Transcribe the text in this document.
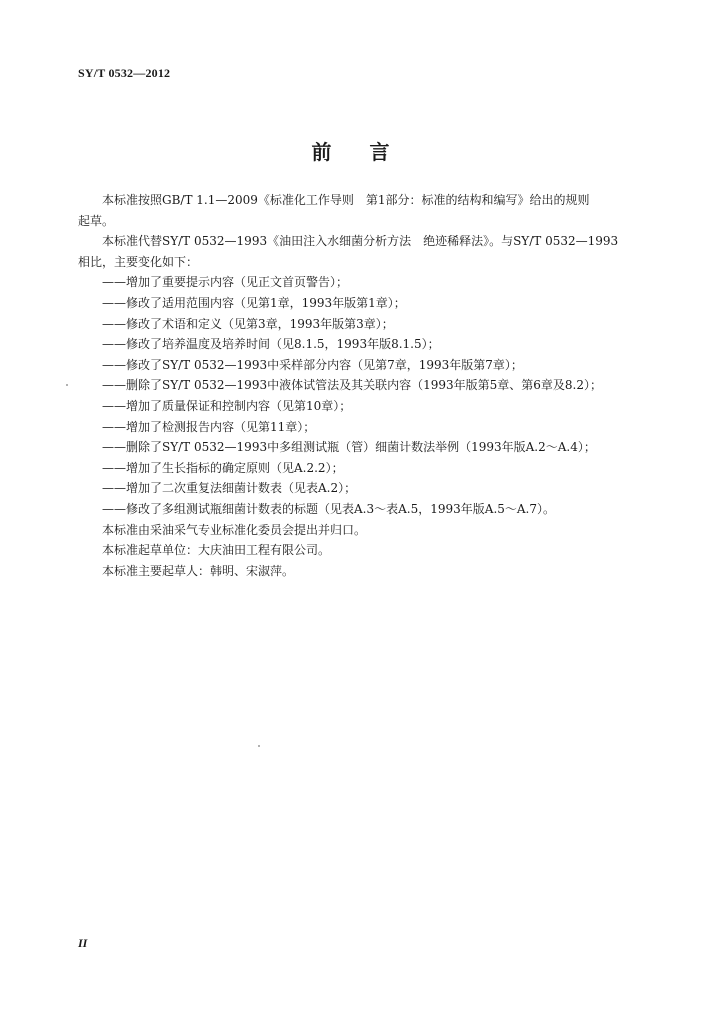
SY/T 0532—2012
前言

本标准按照GB/T 1.1—2009《标准化工作导则　第1部分：标准的结构和编写》给出的规则

起草。

本标准代替SY/T 0532—1993《油田注入水细菌分析方法　绝迹稀释法》。与SY/T 0532—1993

相比，主要变化如下：

——增加了重要提示内容（见正文首页警告）；

——修改了适用范围内容（见第1章，1993年版第1章）；

——修改了术语和定义（见第3章，1993年版第3章）；

——修改了培养温度及培养时间（见8.1.5，1993年版8.1.5）；

——修改了SY/T 0532—1993中采样部分内容（见第7章，1993年版第7章）；

——删除了SY/T 0532—1993中液体试管法及其关联内容（1993年版第5章、第6章及8.2）；

——增加了质量保证和控制内容（见第10章）；

——增加了检测报告内容（见第11章）；

——删除了SY/T 0532—1993中多组测试瓶（管）细菌计数法举例（1993年版A.2～A.4）；

——增加了生长指标的确定原则（见A.2.2）；

——增加了二次重复法细菌计数表（见表A.2）；

——修改了多组测试瓶细菌计数表的标题（见表A.3～表A.5，1993年版A.5～A.7）。

本标准由采油采气专业标准化委员会提出并归口。

本标准起草单位：大庆油田工程有限公司。

本标准主要起草人：韩明、宋淑萍。

II
